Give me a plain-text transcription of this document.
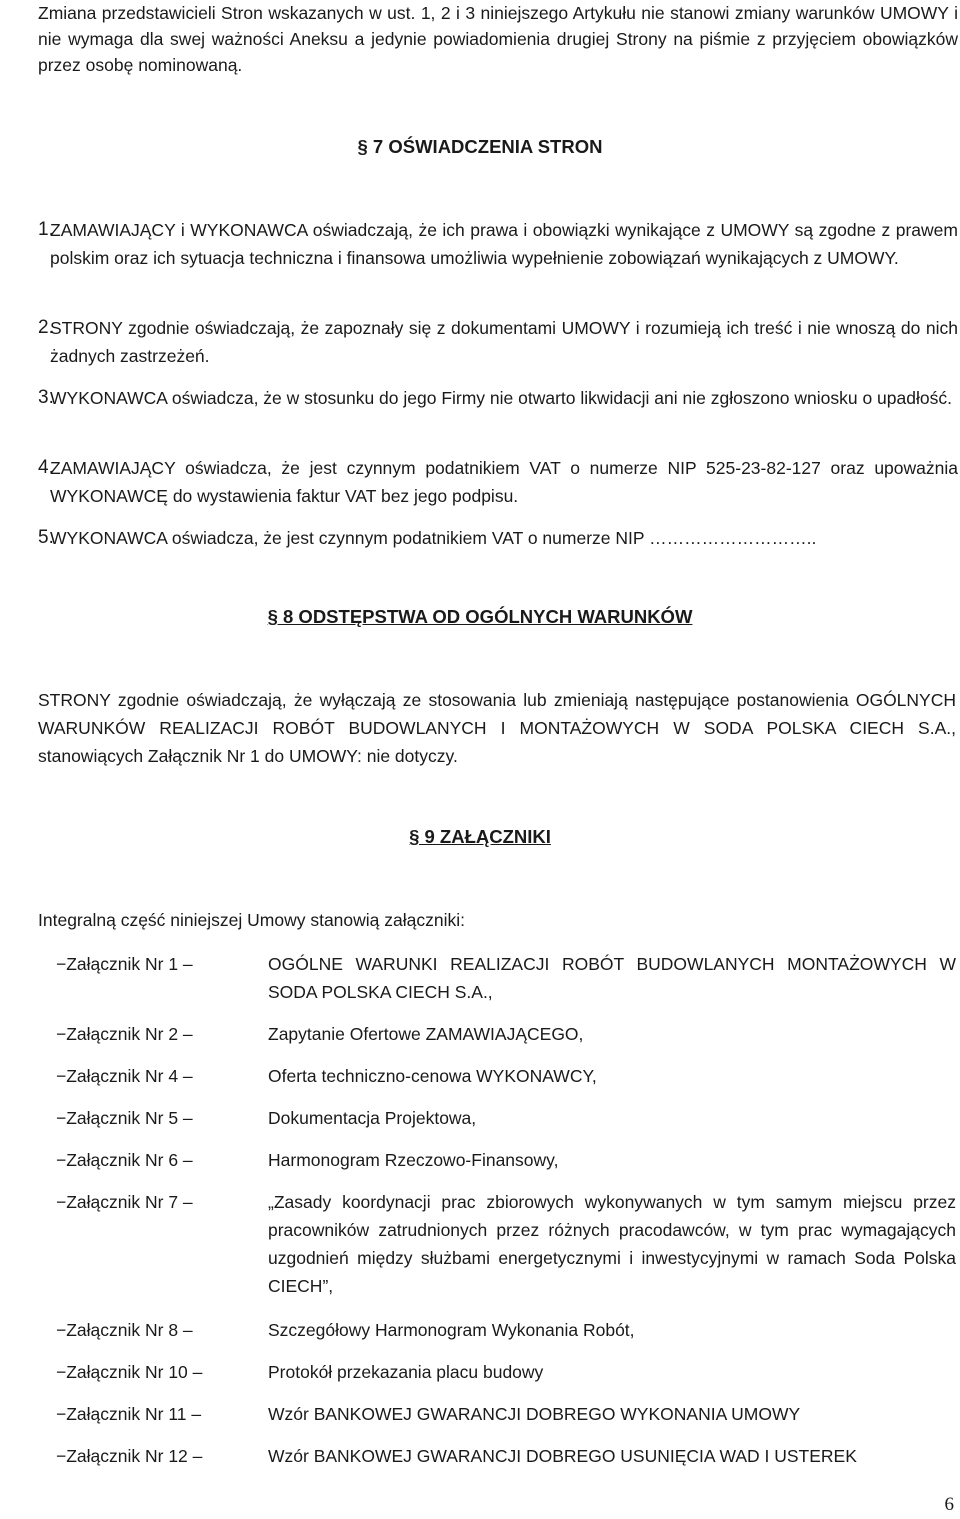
Zmiana przedstawicieli Stron wskazanych w ust. 1, 2 i 3 niniejszego Artykułu nie stanowi zmiany warunków UMOWY i nie wymaga dla swej ważności Aneksu a jedynie powiadomienia drugiej Strony na piśmie z przyjęciem obowiązków przez osobę nominowaną.
§ 7 OŚWIADCZENIA STRON
1.
ZAMAWIAJĄCY i WYKONAWCA oświadczają, że ich prawa i obowiązki wynikające z UMOWY są zgodne z prawem polskim oraz ich sytuacja techniczna i finansowa umożliwia wypełnienie zobowiązań wynikających z UMOWY.
2.
STRONY zgodnie oświadczają, że zapoznały się z dokumentami UMOWY i rozumieją ich treść i nie wnoszą do nich żadnych zastrzeżeń.
3.
WYKONAWCA oświadcza, że w stosunku do jego Firmy nie otwarto likwidacji ani nie zgłoszono wniosku o upadłość.
4.
ZAMAWIAJĄCY oświadcza, że jest czynnym podatnikiem VAT o numerze NIP 525-23-82-127 oraz upoważnia WYKONAWCĘ do wystawienia faktur VAT bez jego podpisu.
5.
WYKONAWCA oświadcza, że jest czynnym podatnikiem VAT o numerze NIP ………………………..
§ 8 ODSTĘPSTWA OD OGÓLNYCH WARUNKÓW
STRONY zgodnie oświadczają, że wyłączają ze stosowania lub zmieniają następujące postanowienia OGÓLNYCH WARUNKÓW REALIZACJI ROBÓT BUDOWLANYCH I MONTAŻOWYCH W SODA POLSKA CIECH S.A., stanowiących Załącznik Nr 1 do UMOWY: nie dotyczy.
§ 9 ZAŁĄCZNIKI
Integralną część niniejszej Umowy stanowią załączniki:
−Załącznik Nr 1 –	OGÓLNE WARUNKI REALIZACJI ROBÓT BUDOWLANYCH MONTAŻOWYCH W SODA POLSKA CIECH S.A.,
−Załącznik Nr 2 –	Zapytanie Ofertowe ZAMAWIAJĄCEGO,
−Załącznik Nr 4 –	Oferta techniczno-cenowa WYKONAWCY,
−Załącznik Nr 5 –	Dokumentacja Projektowa,
−Załącznik Nr 6 –	Harmonogram Rzeczowo-Finansowy,
−Załącznik Nr 7 –	„Zasady koordynacji prac zbiorowych wykonywanych w tym samym miejscu przez pracowników zatrudnionych przez różnych pracodawców, w tym prac wymagających uzgodnień między służbami energetycznymi i inwestycyjnymi w ramach Soda Polska CIECH”,
−Załącznik Nr 8 –	Szczegółowy Harmonogram Wykonania Robót,
−Załącznik Nr 10 –	Protokół przekazania placu budowy
−Załącznik Nr 11 –	Wzór BANKOWEJ GWARANCJI DOBREGO WYKONANIA UMOWY
−Załącznik Nr 12 –	Wzór BANKOWEJ GWARANCJI DOBREGO USUNIĘCIA WAD I USTEREK
6
